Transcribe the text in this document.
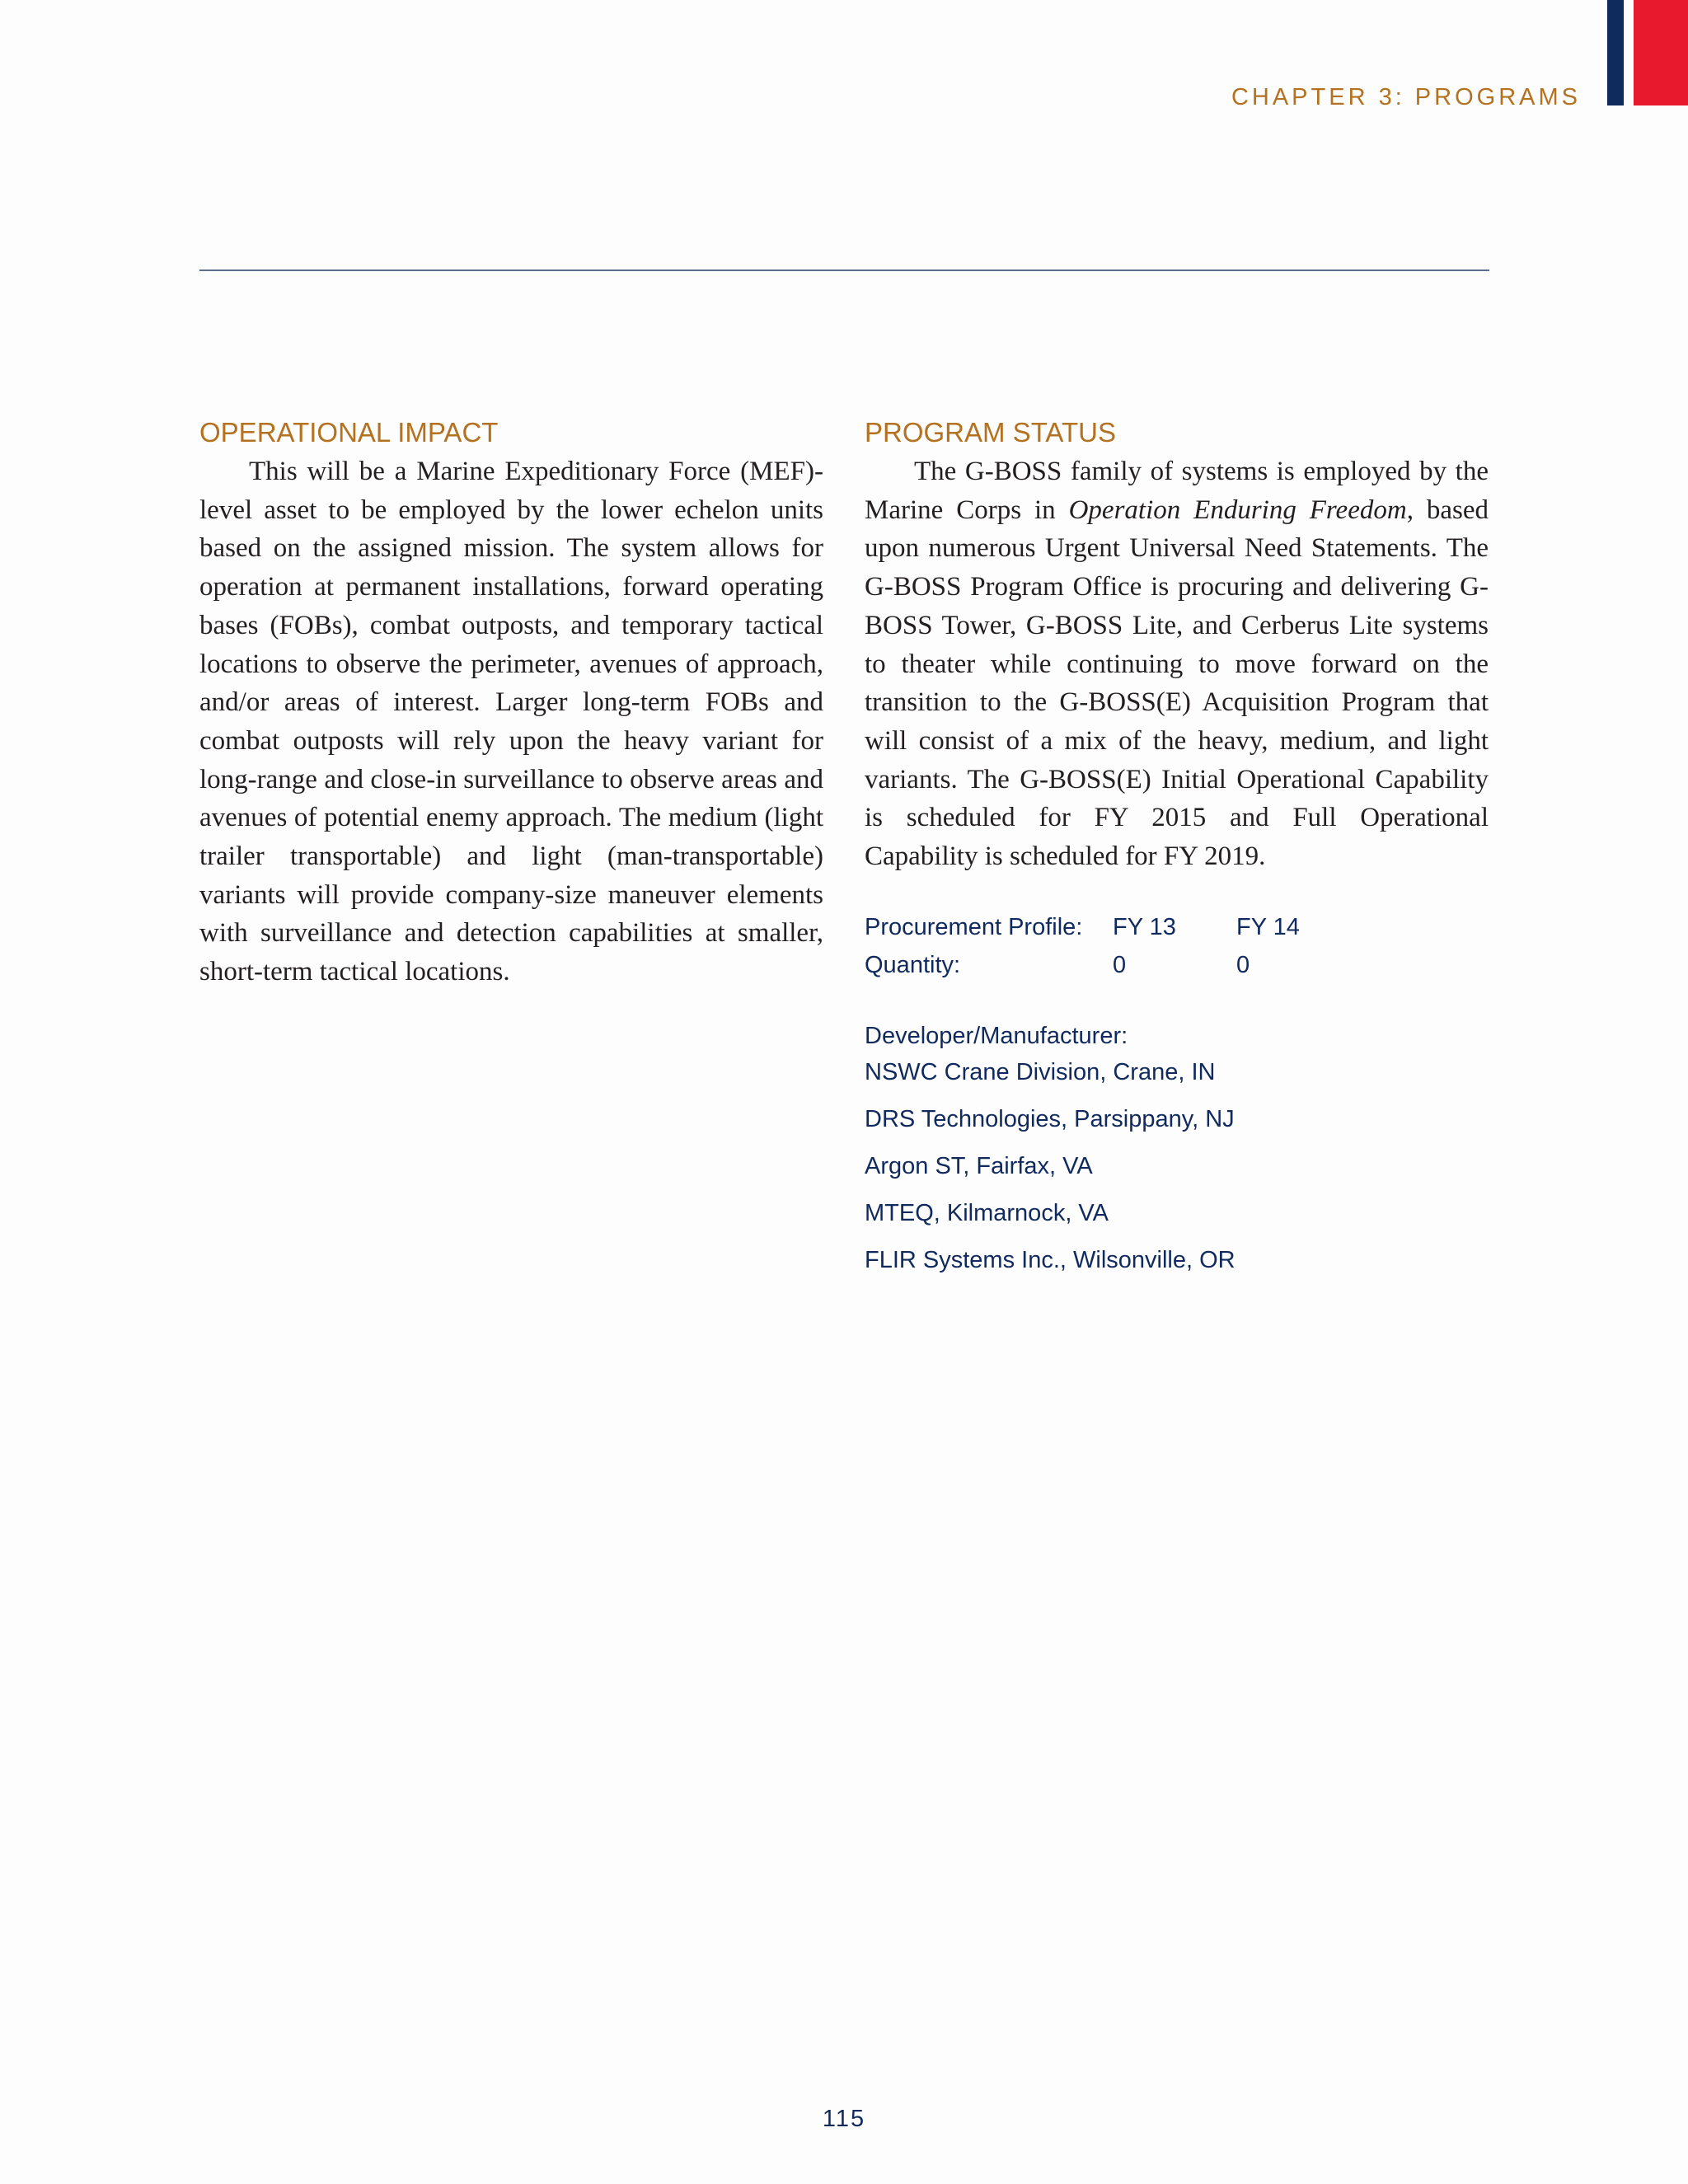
CHAPTER 3: PROGRAMS
OPERATIONAL IMPACT

This will be a Marine Expeditionary Force (MEF)-level asset to be employed by the lower echelon units based on the assigned mission. The system allows for operation at permanent installations, forward operating bases (FOBs), combat outposts, and temporary tactical locations to observe the perimeter, avenues of approach, and/or areas of interest. Larger long-term FOBs and combat outposts will rely upon the heavy variant for long-range and close-in surveillance to observe areas and avenues of potential enemy approach. The medium (light trailer transportable) and light (man-transportable) variants will provide company-size maneuver elements with surveillance and detection capabilities at smaller, short-term tactical locations.

PROGRAM STATUS

The G-BOSS family of systems is employed by the Marine Corps in Operation Enduring Freedom, based upon numerous Urgent Universal Need Statements. The G-BOSS Program Office is procuring and delivering G-BOSS Tower, G-BOSS Lite, and Cerberus Lite systems to theater while continuing to move forward on the transition to the G-BOSS(E) Acquisition Program that will consist of a mix of the heavy, medium, and light variants. The G-BOSS(E) Initial Operational Capability is scheduled for FY 2015 and Full Operational Capability is scheduled for FY 2019.

Procurement Profile:	FY 13	FY 14
Quantity:	0	0
Developer/Manufacturer:
NSWC Crane Division, Crane, IN
DRS Technologies, Parsippany, NJ
Argon ST, Fairfax, VA
MTEQ, Kilmarnock, VA
FLIR Systems Inc., Wilsonville, OR
115
